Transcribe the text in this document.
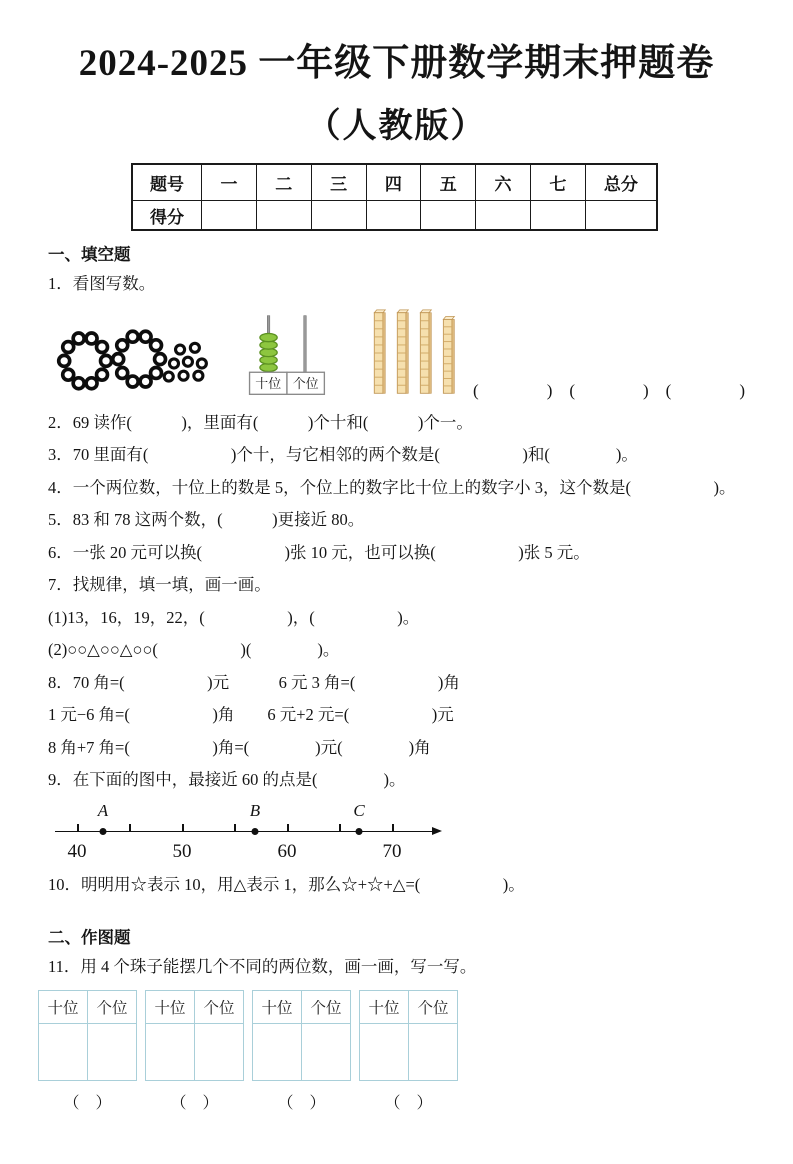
2024-2025 一年级下册数学期末押题卷
（人教版）
题号	一	二	三	四	五	六	七	总分
得分								
一、填空题
1．看图写数。
十位 个位	(　　　　)　(　　　　)　(　　　　)
2．69 读作(　　　)，里面有(　　　)个十和(　　　)个一。
3．70 里面有(　　　　　)个十，与它相邻的两个数是(　　　　　)和(　　　　)。
4．一个两位数，十位上的数是 5，个位上的数字比十位上的数字小 3，这个数是(　　　　　)。
5．83 和 78 这两个数，(　　　)更接近 80。
6．一张 20 元可以换(　　　　　)张 10 元，也可以换(　　　　　)张 5 元。
7．找规律，填一填，画一画。
(1)13，16，19，22，(　　　　　)，(　　　　　)。
(2)○○△○○△○○(　　　　　)(　　　　)。
8．70 角=(　　　　　)元　　　6 元 3 角=(　　　　　)角
1 元−6 角=(　　　　　)角　　6 元+2 元=(　　　　　)元
8 角+7 角=(　　　　　)角=(　　　　)元(　　　　)角
9．在下面的图中，最接近 60 的点是(　　　　)。
A	B	C
40	50	60	70
10．明明用☆表示 10，用△表示 1，那么☆+☆+△=(　　　　　)。
二、作图题
11．用 4 个珠子能摆几个不同的两位数，画一画，写一写。
十位	个位

（　）
十位	个位

（　）
十位	个位

（　）
十位	个位

（　）
